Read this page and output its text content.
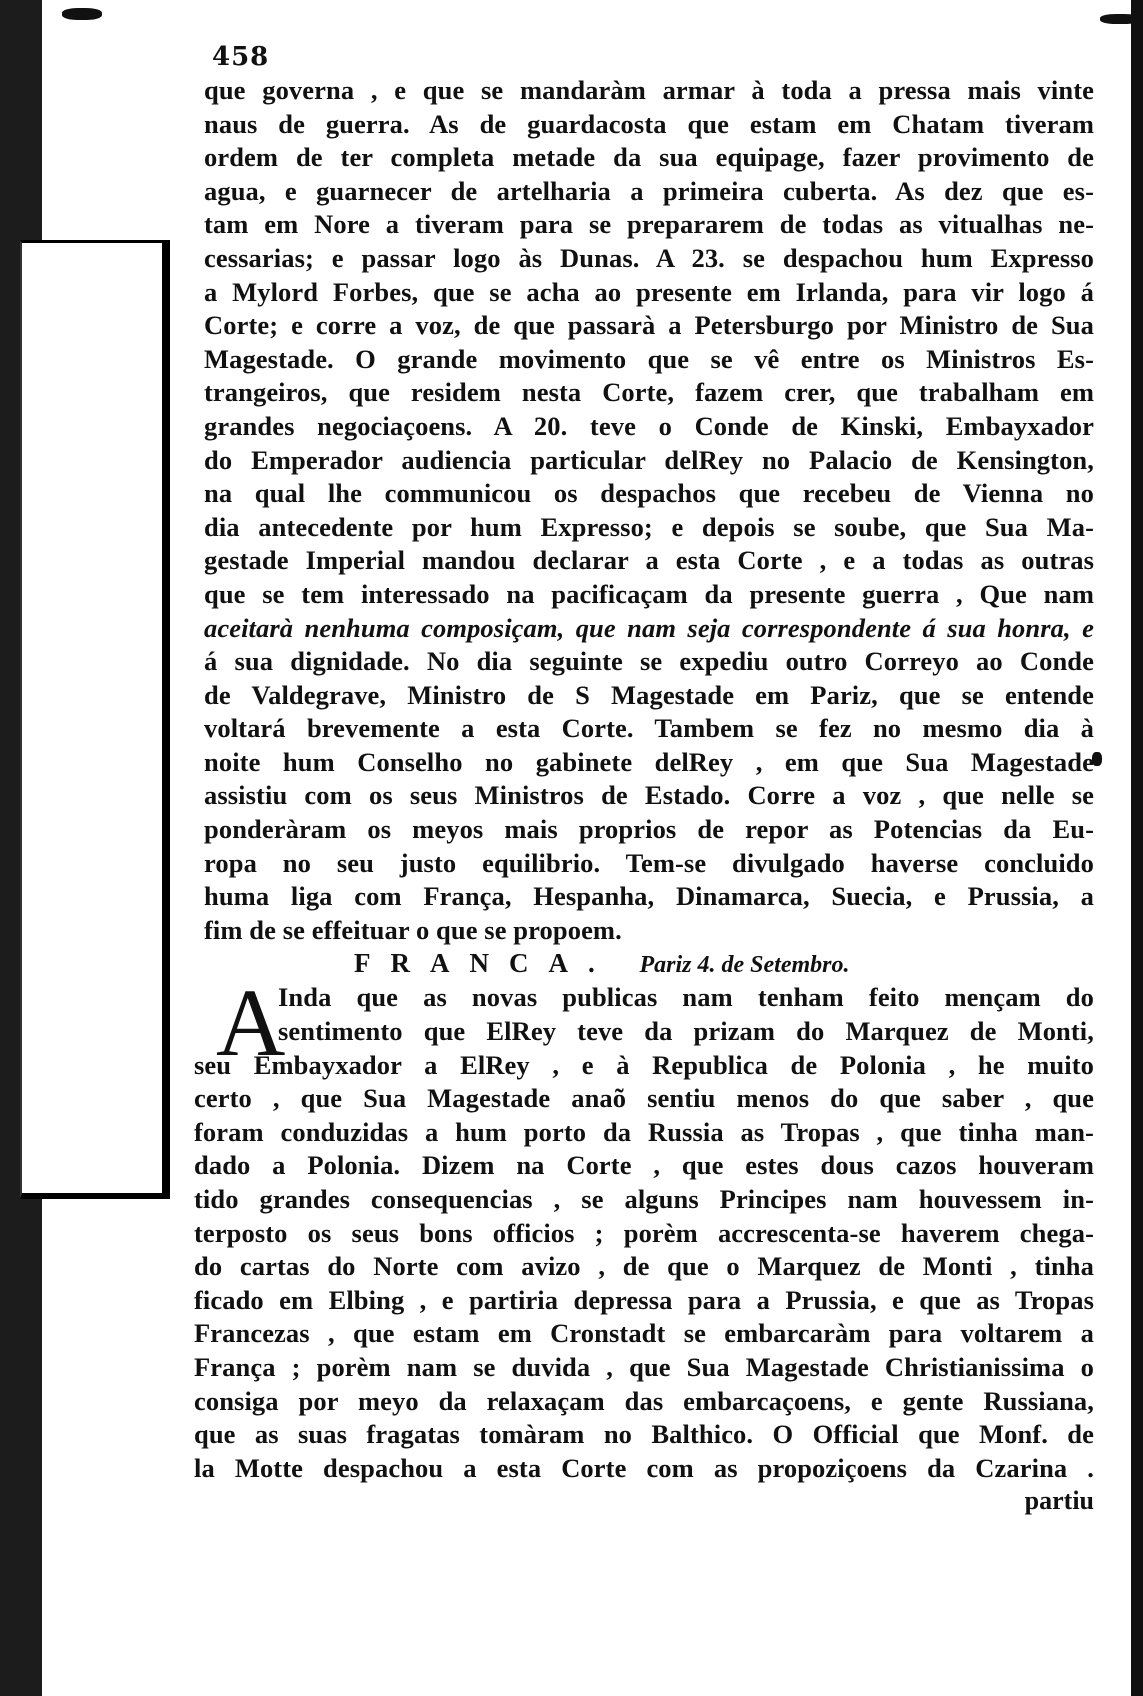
458
que governa , e que se mandaràm armar à toda a pressa mais vinte
naus de guerra. As de guardacosta que estam em Chatam tiveram
ordem de ter completa metade da sua equipage, fazer provimento de
agua, e guarnecer de artelharia a primeira cuberta. As dez que es-
tam em Nore a tiveram para se prepararem de todas as vitualhas ne-
cessarias; e passar logo às Dunas. A 23. se despachou hum Expresso
a Mylord Forbes, que se acha ao presente em Irlanda, para vir logo á
Corte; e corre a voz, de que passarà a Petersburgo por Ministro de Sua
Magestade. O grande movimento que se vê entre os Ministros Es-
trangeiros, que residem nesta Corte, fazem crer, que trabalham em
grandes negociaçoens. A 20. teve o Conde de Kinski, Embayxador
do Emperador audiencia particular delRey no Palacio de Kensington,
na qual lhe communicou os despachos que recebeu de Vienna no
dia antecedente por hum Expresso; e depois se soube, que Sua Ma-
gestade Imperial mandou declarar a esta Corte , e a todas as outras
que se tem interessado na pacificaçam da presente guerra , Que nam
aceitarà nenhuma composiçam, que nam seja correspondente á sua honra, e
á sua dignidade. No dia seguinte se expediu outro Correyo ao Conde
de Valdegrave, Ministro de S Magestade em Pariz, que se entende
voltará brevemente a esta Corte. Tambem se fez no mesmo dia à
noite hum Conselho no gabinete delRey , em que Sua Magestade
assistiu com os seus Ministros de Estado. Corre a voz , que nelle se
ponderàram os meyos mais proprios de repor as Potencias da Eu-
ropa no seu justo equilibrio. Tem-se divulgado haverse concluido
huma liga com França, Hespanha, Dinamarca, Suecia, e Prussia, a
fim de se effeituar o que se propoem.
FRANCA. Pariz 4. de Setembro.
A
Inda que as novas publicas nam tenham feito mençam do
sentimento que ElRey teve da prizam do Marquez de Monti,
seu Embayxador a ElRey , e à Republica de Polonia , he muito
certo , que Sua Magestade anaõ sentiu menos do que saber , que
foram conduzidas a hum porto da Russia as Tropas , que tinha man-
dado a Polonia. Dizem na Corte , que estes dous cazos houveram
tido grandes consequencias , se alguns Principes nam houvessem in-
terposto os seus bons officios ; porèm accrescenta-se haverem chega-
do cartas do Norte com avizo , de que o Marquez de Monti , tinha
ficado em Elbing , e partiria depressa para a Prussia, e que as Tropas
Francezas , que estam em Cronstadt se embarcaràm para voltarem a
França ; porèm nam se duvida , que Sua Magestade Christianissima o
consiga por meyo da relaxaçam das embarcaçoens, e gente Russiana,
que as suas fragatas tomàram no Balthico. O Official que Monf. de
la Motte despachou a esta Corte com as propoziçoens da Czarina .
partiu
